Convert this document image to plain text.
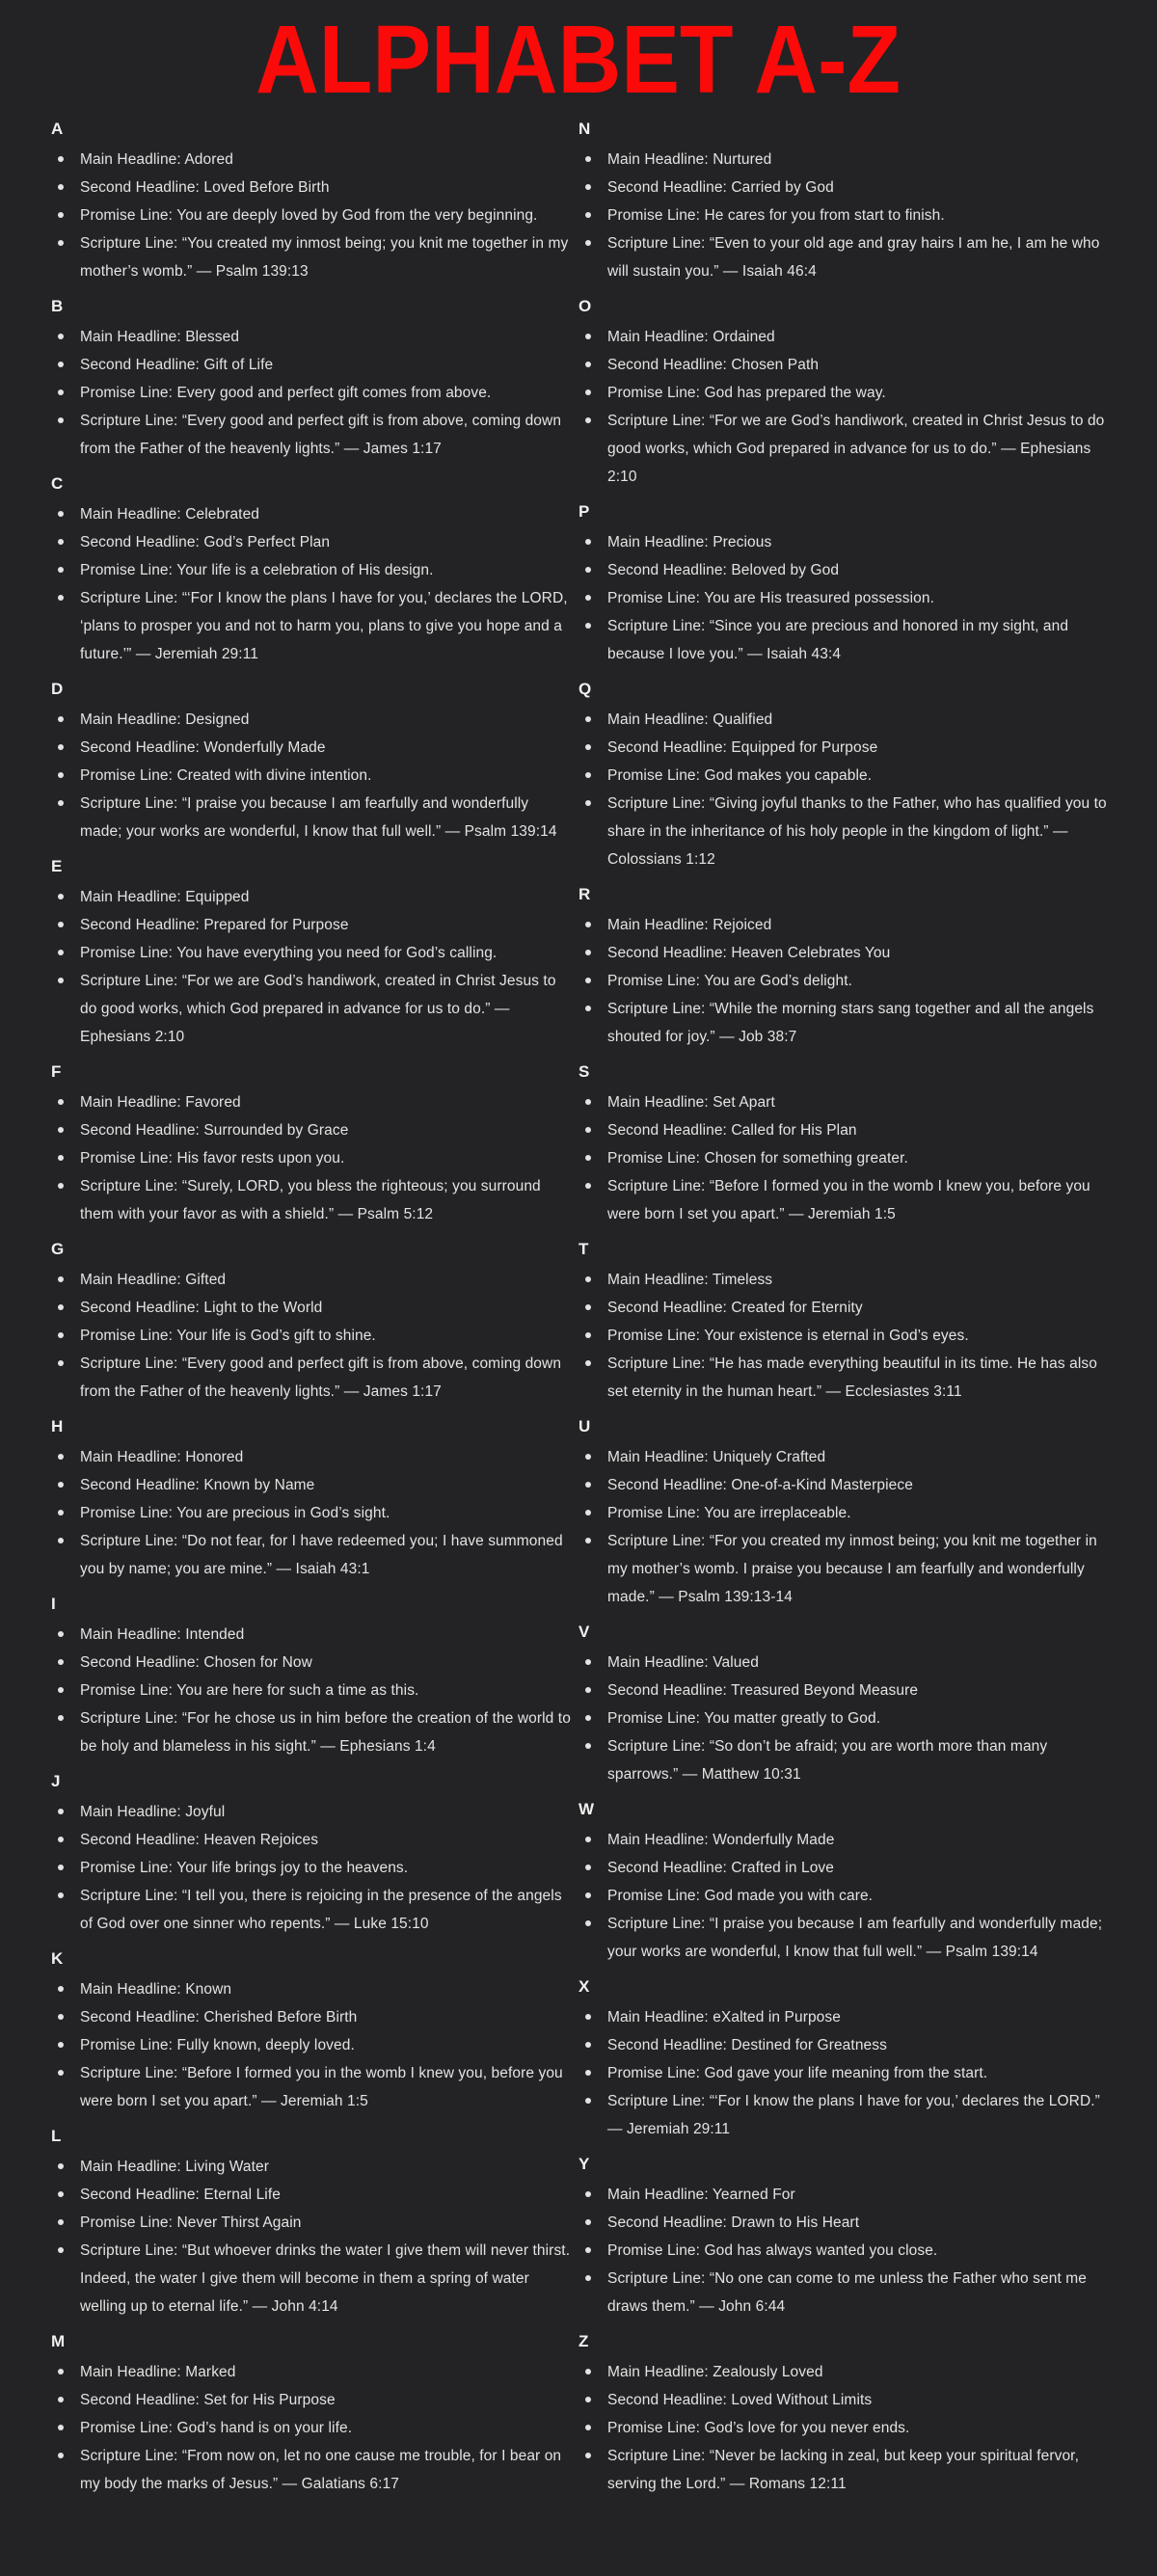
ALPHABET A-Z
A
Main Headline: Adored
Second Headline: Loved Before Birth
Promise Line: You are deeply loved by God from the very beginning.
Scripture Line: “You created my inmost being; you knit me together in my mother’s womb.” — Psalm 139:13
B
Main Headline: Blessed
Second Headline: Gift of Life
Promise Line: Every good and perfect gift comes from above.
Scripture Line: “Every good and perfect gift is from above, coming down from the Father of the heavenly lights.” — James 1:17
C
Main Headline: Celebrated
Second Headline: God’s Perfect Plan
Promise Line: Your life is a celebration of His design.
Scripture Line: “‘For I know the plans I have for you,’ declares the LORD, ‘plans to prosper you and not to harm you, plans to give you hope and a future.’” — Jeremiah 29:11
D
Main Headline: Designed
Second Headline: Wonderfully Made
Promise Line: Created with divine intention.
Scripture Line: “I praise you because I am fearfully and wonderfully made; your works are wonderful, I know that full well.” — Psalm 139:14
E
Main Headline: Equipped
Second Headline: Prepared for Purpose
Promise Line: You have everything you need for God’s calling.
Scripture Line: “For we are God’s handiwork, created in Christ Jesus to do good works, which God prepared in advance for us to do.” — Ephesians 2:10
F
Main Headline: Favored
Second Headline: Surrounded by Grace
Promise Line: His favor rests upon you.
Scripture Line: “Surely, LORD, you bless the righteous; you surround them with your favor as with a shield.” — Psalm 5:12
G
Main Headline: Gifted
Second Headline: Light to the World
Promise Line: Your life is God’s gift to shine.
Scripture Line: “Every good and perfect gift is from above, coming down from the Father of the heavenly lights.” — James 1:17
H
Main Headline: Honored
Second Headline: Known by Name
Promise Line: You are precious in God’s sight.
Scripture Line: “Do not fear, for I have redeemed you; I have summoned you by name; you are mine.” — Isaiah 43:1
I
Main Headline: Intended
Second Headline: Chosen for Now
Promise Line: You are here for such a time as this.
Scripture Line: “For he chose us in him before the creation of the world to be holy and blameless in his sight.” — Ephesians 1:4
J
Main Headline: Joyful
Second Headline: Heaven Rejoices
Promise Line: Your life brings joy to the heavens.
Scripture Line: “I tell you, there is rejoicing in the presence of the angels of God over one sinner who repents.” — Luke 15:10
K
Main Headline: Known
Second Headline: Cherished Before Birth
Promise Line: Fully known, deeply loved.
Scripture Line: “Before I formed you in the womb I knew you, before you were born I set you apart.” — Jeremiah 1:5
L
Main Headline: Living Water
Second Headline: Eternal Life
Promise Line: Never Thirst Again
Scripture Line: “But whoever drinks the water I give them will never thirst. Indeed, the water I give them will become in them a spring of water welling up to eternal life.” — John 4:14
M
Main Headline: Marked
Second Headline: Set for His Purpose
Promise Line: God’s hand is on your life.
Scripture Line: “From now on, let no one cause me trouble, for I bear on my body the marks of Jesus.” — Galatians 6:17
N
Main Headline: Nurtured
Second Headline: Carried by God
Promise Line: He cares for you from start to finish.
Scripture Line: “Even to your old age and gray hairs I am he, I am he who will sustain you.” — Isaiah 46:4
O
Main Headline: Ordained
Second Headline: Chosen Path
Promise Line: God has prepared the way.
Scripture Line: “For we are God’s handiwork, created in Christ Jesus to do good works, which God prepared in advance for us to do.” — Ephesians 2:10
P
Main Headline: Precious
Second Headline: Beloved by God
Promise Line: You are His treasured possession.
Scripture Line: “Since you are precious and honored in my sight, and because I love you.” — Isaiah 43:4
Q
Main Headline: Qualified
Second Headline: Equipped for Purpose
Promise Line: God makes you capable.
Scripture Line: “Giving joyful thanks to the Father, who has qualified you to share in the inheritance of his holy people in the kingdom of light.” — Colossians 1:12
R
Main Headline: Rejoiced
Second Headline: Heaven Celebrates You
Promise Line: You are God’s delight.
Scripture Line: “While the morning stars sang together and all the angels shouted for joy.” — Job 38:7
S
Main Headline: Set Apart
Second Headline: Called for His Plan
Promise Line: Chosen for something greater.
Scripture Line: “Before I formed you in the womb I knew you, before you were born I set you apart.” — Jeremiah 1:5
T
Main Headline: Timeless
Second Headline: Created for Eternity
Promise Line: Your existence is eternal in God’s eyes.
Scripture Line: “He has made everything beautiful in its time. He has also set eternity in the human heart.” — Ecclesiastes 3:11
U
Main Headline: Uniquely Crafted
Second Headline: One-of-a-Kind Masterpiece
Promise Line: You are irreplaceable.
Scripture Line: “For you created my inmost being; you knit me together in my mother’s womb. I praise you because I am fearfully and wonderfully made.” — Psalm 139:13-14
V
Main Headline: Valued
Second Headline: Treasured Beyond Measure
Promise Line: You matter greatly to God.
Scripture Line: “So don’t be afraid; you are worth more than many sparrows.” — Matthew 10:31
W
Main Headline: Wonderfully Made
Second Headline: Crafted in Love
Promise Line: God made you with care.
Scripture Line: “I praise you because I am fearfully and wonderfully made; your works are wonderful, I know that full well.” — Psalm 139:14
X
Main Headline: eXalted in Purpose
Second Headline: Destined for Greatness
Promise Line: God gave your life meaning from the start.
Scripture Line: “‘For I know the plans I have for you,’ declares the LORD.” — Jeremiah 29:11
Y
Main Headline: Yearned For
Second Headline: Drawn to His Heart
Promise Line: God has always wanted you close.
Scripture Line: “No one can come to me unless the Father who sent me draws them.” — John 6:44
Z
Main Headline: Zealously Loved
Second Headline: Loved Without Limits
Promise Line: God’s love for you never ends.
Scripture Line: “Never be lacking in zeal, but keep your spiritual fervor, serving the Lord.” — Romans 12:11
